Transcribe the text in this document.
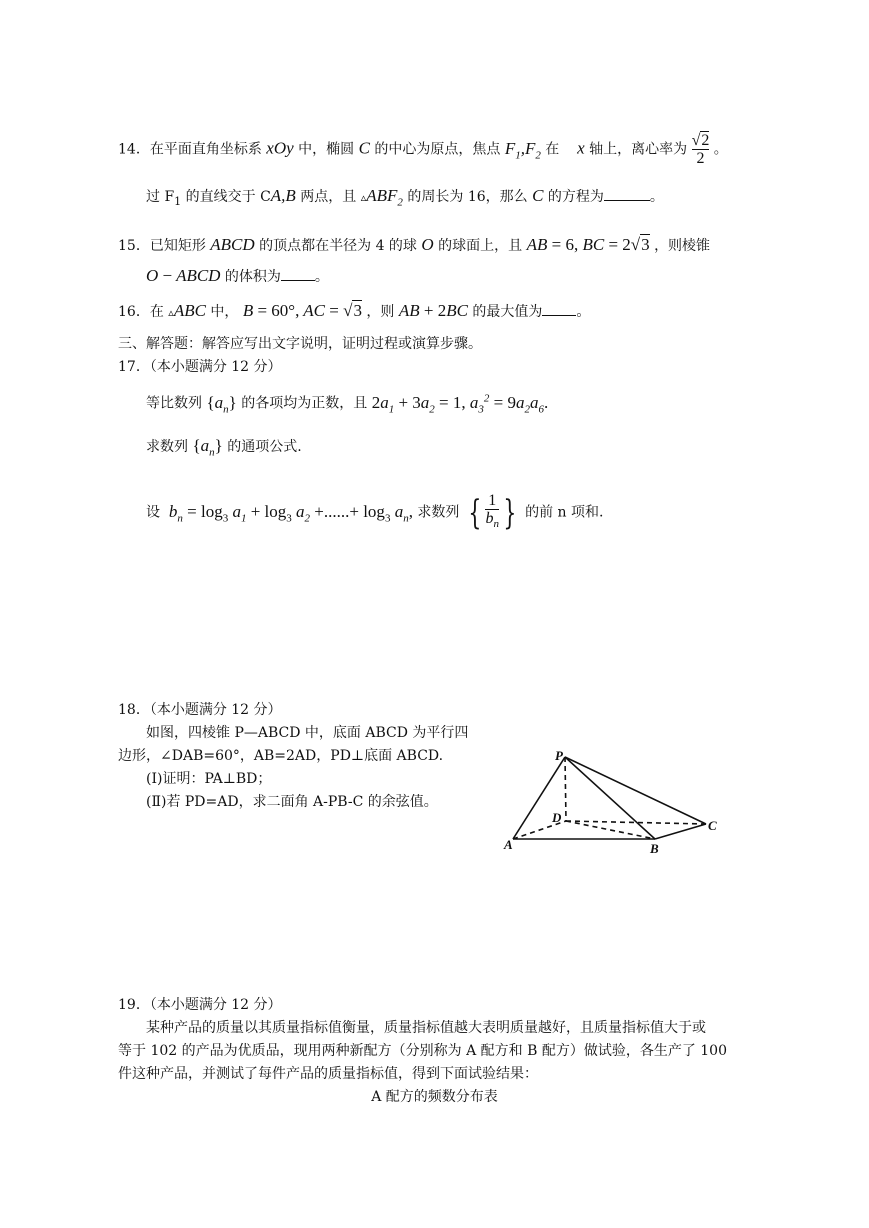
14．在平面直角坐标系 xOy 中，椭圆 C 的中心为原点，焦点 $F_1,F_2$ 在 x 轴上，离心率为 $\frac{√2}{2}$ 。
过 $F_1$ 的直线交于 CA,B 两点，且 $▵ABF_2$ 的周长为 16，那么 C 的方程为	。
15．已知矩形 ABCD 的顶点都在半径为 4 的球 O 的球面上，且 AB = 6, BC = 2√3 ，则棱锥
O − ABCD 的体积为 。
16．在 ▵ABC 中， B = 60°, AC = √3 ，则 AB + 2BC 的最大值为 。
三、解答题：解答应写出文字说明，证明过程或演算步骤。
17．（本小题满分 12 分）
等比数列 $\{a_n\}$ 的各项均为正数，且 $2a_1 + 3a_2 = 1$, $a_3^2 = 9a_2a_6$.
求数列 $\{a_n\}$ 的通项公式.
设 $b_n = \log_3 a_1 + \log_3 a_2$ +......+ $\log_3 a_n$, 求数列 { $\frac{1}{b_n}$ } 的前 n 项和.
18．（本小题满分 12 分）
如图，四棱锥 P—ABCD 中，底面 ABCD 为平行四
边形，∠DAB=60°，AB=2AD，PD⊥底面 ABCD.
(Ⅰ)证明：PA⊥BD；
(Ⅱ)若 PD=AD，求二面角 A-PB-C 的余弦值。
P
D
C
A	B
19．（本小题满分 12 分）
某种产品的质量以其质量指标值衡量，质量指标值越大表明质量越好，且质量指标值大于或
等于 102 的产品为优质品，现用两种新配方（分别称为 A 配方和 B 配方）做试验，各生产了 100
件这种产品，并测试了每件产品的质量指标值，得到下面试验结果：
A 配方的频数分布表
